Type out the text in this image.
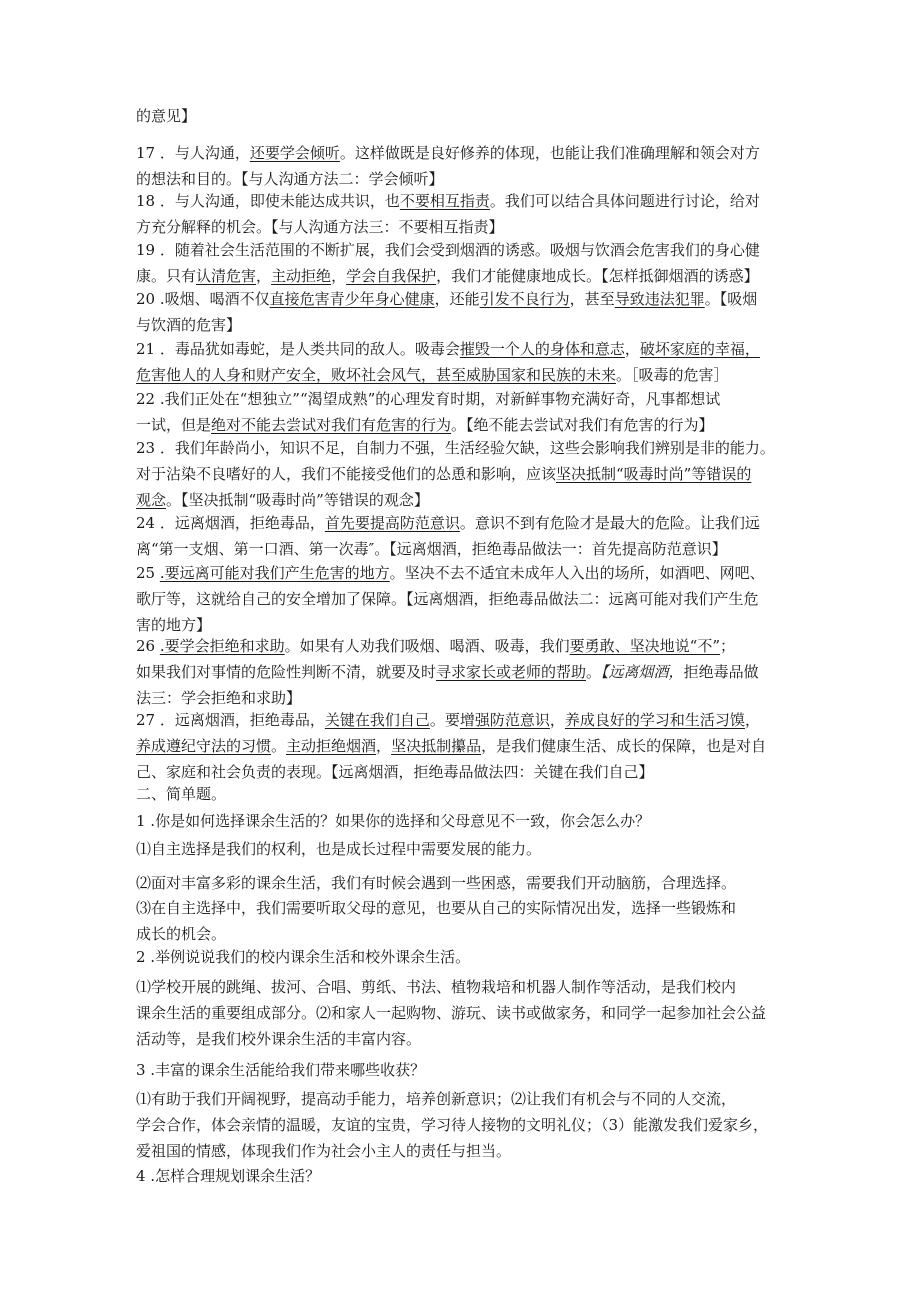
的意见】
17 ．与人沟通，还要学会倾听。这样做既是良好修养的体现，也能让我们准确理解和领会对方
的想法和目的。【与人沟通方法二：学会倾听】
18 ．与人沟通，即使未能达成共识，也不要相互指责。我们可以结合具体问题进行讨论，给对
方充分解释的机会。【与人沟通方法三：不要相互指责】
19 ．随着社会生活范围的不断扩展，我们会受到烟酒的诱惑。吸烟与饮酒会危害我们的身心健
康。只有认清危害，主动拒绝，学会自我保护，我们才能健康地成长。【怎样抵御烟酒的诱惑】
20 .吸烟、喝酒不仅直接危害青少年身心健康，还能引发不良行为，甚至导致违法犯罪。【吸烟
与饮酒的危害】
21 ．毒品犹如毒蛇，是人类共同的敌人。吸毒会摧毁一个人的身体和意志，破坏家庭的幸福，
危害他人的人身和财产安全，败坏社会风气，甚至威胁国家和民族的未来。［吸毒的危害］
22 .我们正处在“想独立”“渴望成熟”的心理发育时期，对新鲜事物充满好奇，凡事都想试
一试，但是绝对不能去尝试对我们有危害的行为。【绝不能去尝试对我们有危害的行为】
23 ．我们年龄尚小，知识不足，自制力不强，生活经验欠缺，这些会影响我们辨别是非的能力。
对于沾染不良嗜好的人，我们不能接受他们的怂恿和影响，应该坚决抵制“吸毒时尚”等错误的
观念。【坚决抵制“吸毒时尚”等错误的观念】
24 ．远离烟酒，拒绝毒品，首先要提高防范意识。意识不到有危险才是最大的危险。让我们远
离“第一支烟、第一口酒、第一次毒″。【远离烟酒，拒绝毒品做法一：首先提高防范意识】
25 .要远离可能对我们产生危害的地方。坚决不去不适宜未成年人入出的场所，如酒吧、网吧、
歌厅等，这就给自己的安全增加了保障。【远离烟酒，拒绝毒品做法二：远离可能对我们产生危
害的地方】
26 .要学会拒绝和求助。如果有人劝我们吸烟、喝酒、吸毒，我们要勇敢、坚决地说“不”；
如果我们对事情的危险性判断不清，就要及时寻求家长或老师的帮助。【远离烟酒，拒绝毒品做
法三：学会拒绝和求助】
27 ．远离烟酒，拒绝毒品，关键在我们自己。要增强防范意识，养成良好的学习和生活习馍，
养成遵纪守法的习惯。主动拒绝烟酒，坚决抵制攥品，是我们健康生活、成长的保障，也是对自
己、家庭和社会负责的表现。【远离烟酒，拒绝毒品做法四：关键在我们自己】
二、简单题。
1 .你是如何选择课余生活的？如果你的选择和父母意见不一致，你会怎么办？
⑴自主选择是我们的权利，也是成长过程中需要发展的能力。
⑵面对丰富多彩的课余生活，我们有时候会遇到一些困惑，需要我们开动脑筋，合理选择。
⑶在自主选择中，我们需要听取父母的意见，也要从自己的实际情况出发，选择一些锻炼和
成长的机会。
2 .举例说说我们的校内课余生活和校外课余生活。
⑴学校开展的跳绳、拔河、合唱、剪纸、书法、植物栽培和机器人制作等活动，是我们校内
课余生活的重要组成部分。⑵和家人一起购物、游玩、读书或做家务，和同学一起参加社会公益
活动等，是我们校外课余生活的丰富内容。
3 .丰富的课余生活能给我们带来哪些收获？
⑴有助于我们开阔视野，提高动手能力，培养创新意识；⑵让我们有机会与不同的人交流，
学会合作，体会亲情的温暖，友谊的宝贵，学习待人接物的文明礼仪；（3）能激发我们爱家乡，
爱祖国的情感，体现我们作为社会小主人的责任与担当。
4 .怎样合理规划课余生活？
